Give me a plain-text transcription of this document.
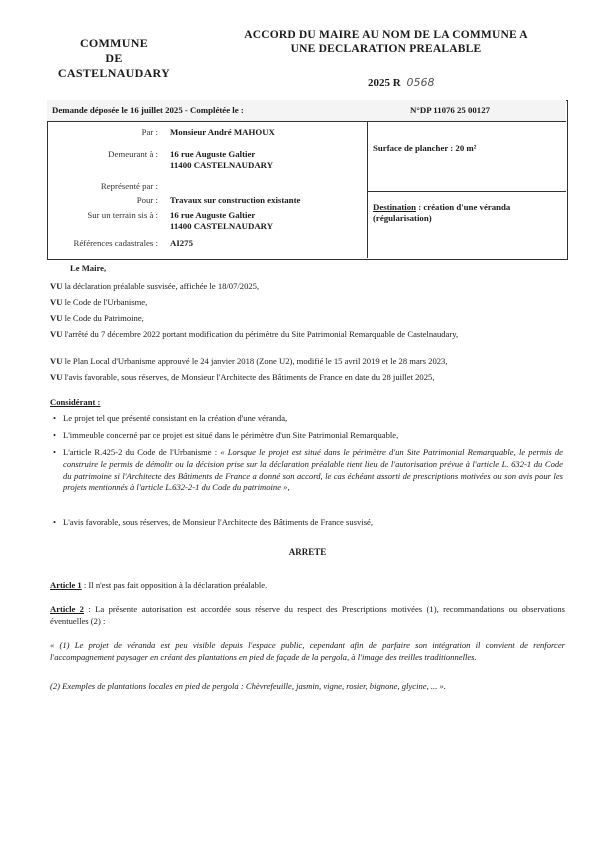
COMMUNE
DE
CASTELNAUDARY
ACCORD DU MAIRE AU NOM DE LA COMMUNE A
UNE DECLARATION PREALABLE
2025 R 0568
Demande déposée le 16 juillet 2025 - Complétée le :	N°DP 11076 25 00127
Par : Monsieur André MAHOUX
Demeurant à : 16 rue Auguste Galtier
11400 CASTELNAUDARY
Représenté par :
Pour : Travaux sur construction existante
Sur un terrain sis à : 16 rue Auguste Galtier
11400 CASTELNAUDARY
Références cadastrales : AI275
Surface de plancher : 20 m²
Destination : création d'une véranda (régularisation)
Le Maire,
VU la déclaration préalable susvisée, affichée le 18/07/2025,
VU le Code de l'Urbanisme,
VU le Code du Patrimoine,
VU l'arrêté du 7 décembre 2022 portant modification du périmètre du Site Patrimonial Remarquable de Castelnaudary,
VU le Plan Local d'Urbanisme approuvé le 24 janvier 2018 (Zone U2), modifié le 15 avril 2019 et le 28 mars 2023,
VU l'avis favorable, sous réserves, de Monsieur l'Architecte des Bâtiments de France en date du 28 juillet 2025,
Considérant :
• Le projet tel que présenté consistant en la création d'une véranda,
• L'immeuble concerné par ce projet est situé dans le périmètre d'un Site Patrimonial Remarquable,
• L'article R.425-2 du Code de l'Urbanisme : « Lorsque le projet est situé dans le périmètre d'un Site Patrimonial Remarquable, le permis de construire le permis de démolir ou la décision prise sur la déclaration préalable tient lieu de l'autorisation prévue à l'article L. 632-1 du Code du patrimoine si l'Architecte des Bâtiments de France a donné son accord, le cas échéant assorti de prescriptions motivées ou son avis pour les projets mentionnés à l'article L.632-2-1 du Code du patrimoine »,
• L'avis favorable, sous réserves, de Monsieur l'Architecte des Bâtiments de France susvisé,
ARRETE
Article 1 : Il n'est pas fait opposition à la déclaration préalable.
Article 2 : La présente autorisation est accordée sous réserve du respect des Prescriptions motivées (1), recommandations ou observations éventuelles (2) :
« (1) Le projet de véranda est peu visible depuis l'espace public, cependant afin de parfaire son intégration il convient de renforcer l'accompagnement paysager en créant des plantations en pied de façade de la pergola, à l'image des treilles traditionnelles.
(2) Exemples de plantations locales en pied de pergola : Chèvrefeuille, jasmin, vigne, rosier, bignone, glycine, ... ».
